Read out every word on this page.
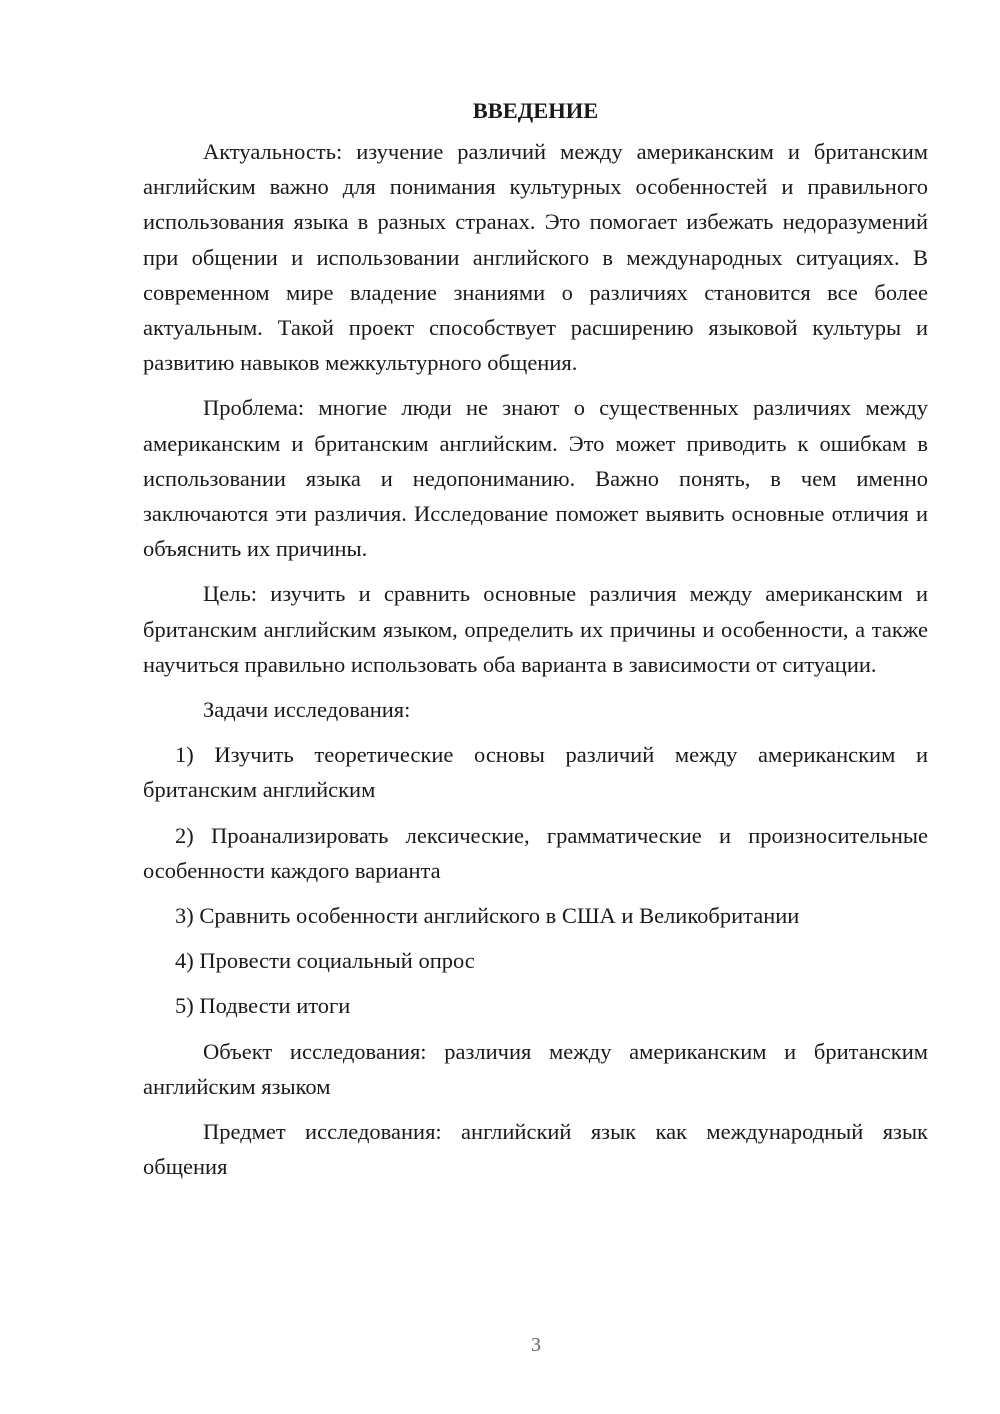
ВВЕДЕНИЕ

Актуальность: изучение различий между американским и британским английским важно для понимания культурных особенностей и правильного использования языка в разных странах. Это помогает избежать недоразумений при общении и использовании английского в международных ситуациях. В современном мире владение знаниями о различиях становится все более актуальным. Такой проект способствует расширению языковой культуры и развитию навыков межкультурного общения.

Проблема: многие люди не знают о существенных различиях между американским и британским английским. Это может приводить к ошибкам в использовании языка и недопониманию. Важно понять, в чем именно заключаются эти различия. Исследование поможет выявить основные отличия и объяснить их причины.

Цель: изучить и сравнить основные различия между американским и британским английским языком, определить их причины и особенности, а также научиться правильно использовать оба варианта в зависимости от ситуации.

Задачи исследования:

1) Изучить теоретические основы различий между американским и британским английским

2) Проанализировать лексические, грамматические и произносительные особенности каждого варианта

3) Сравнить особенности английского в США и Великобритании

4) Провести социальный опрос

5) Подвести итоги

Объект исследования: различия между американским и британским английским языком

Предмет исследования: английский язык как международный язык общения

3
